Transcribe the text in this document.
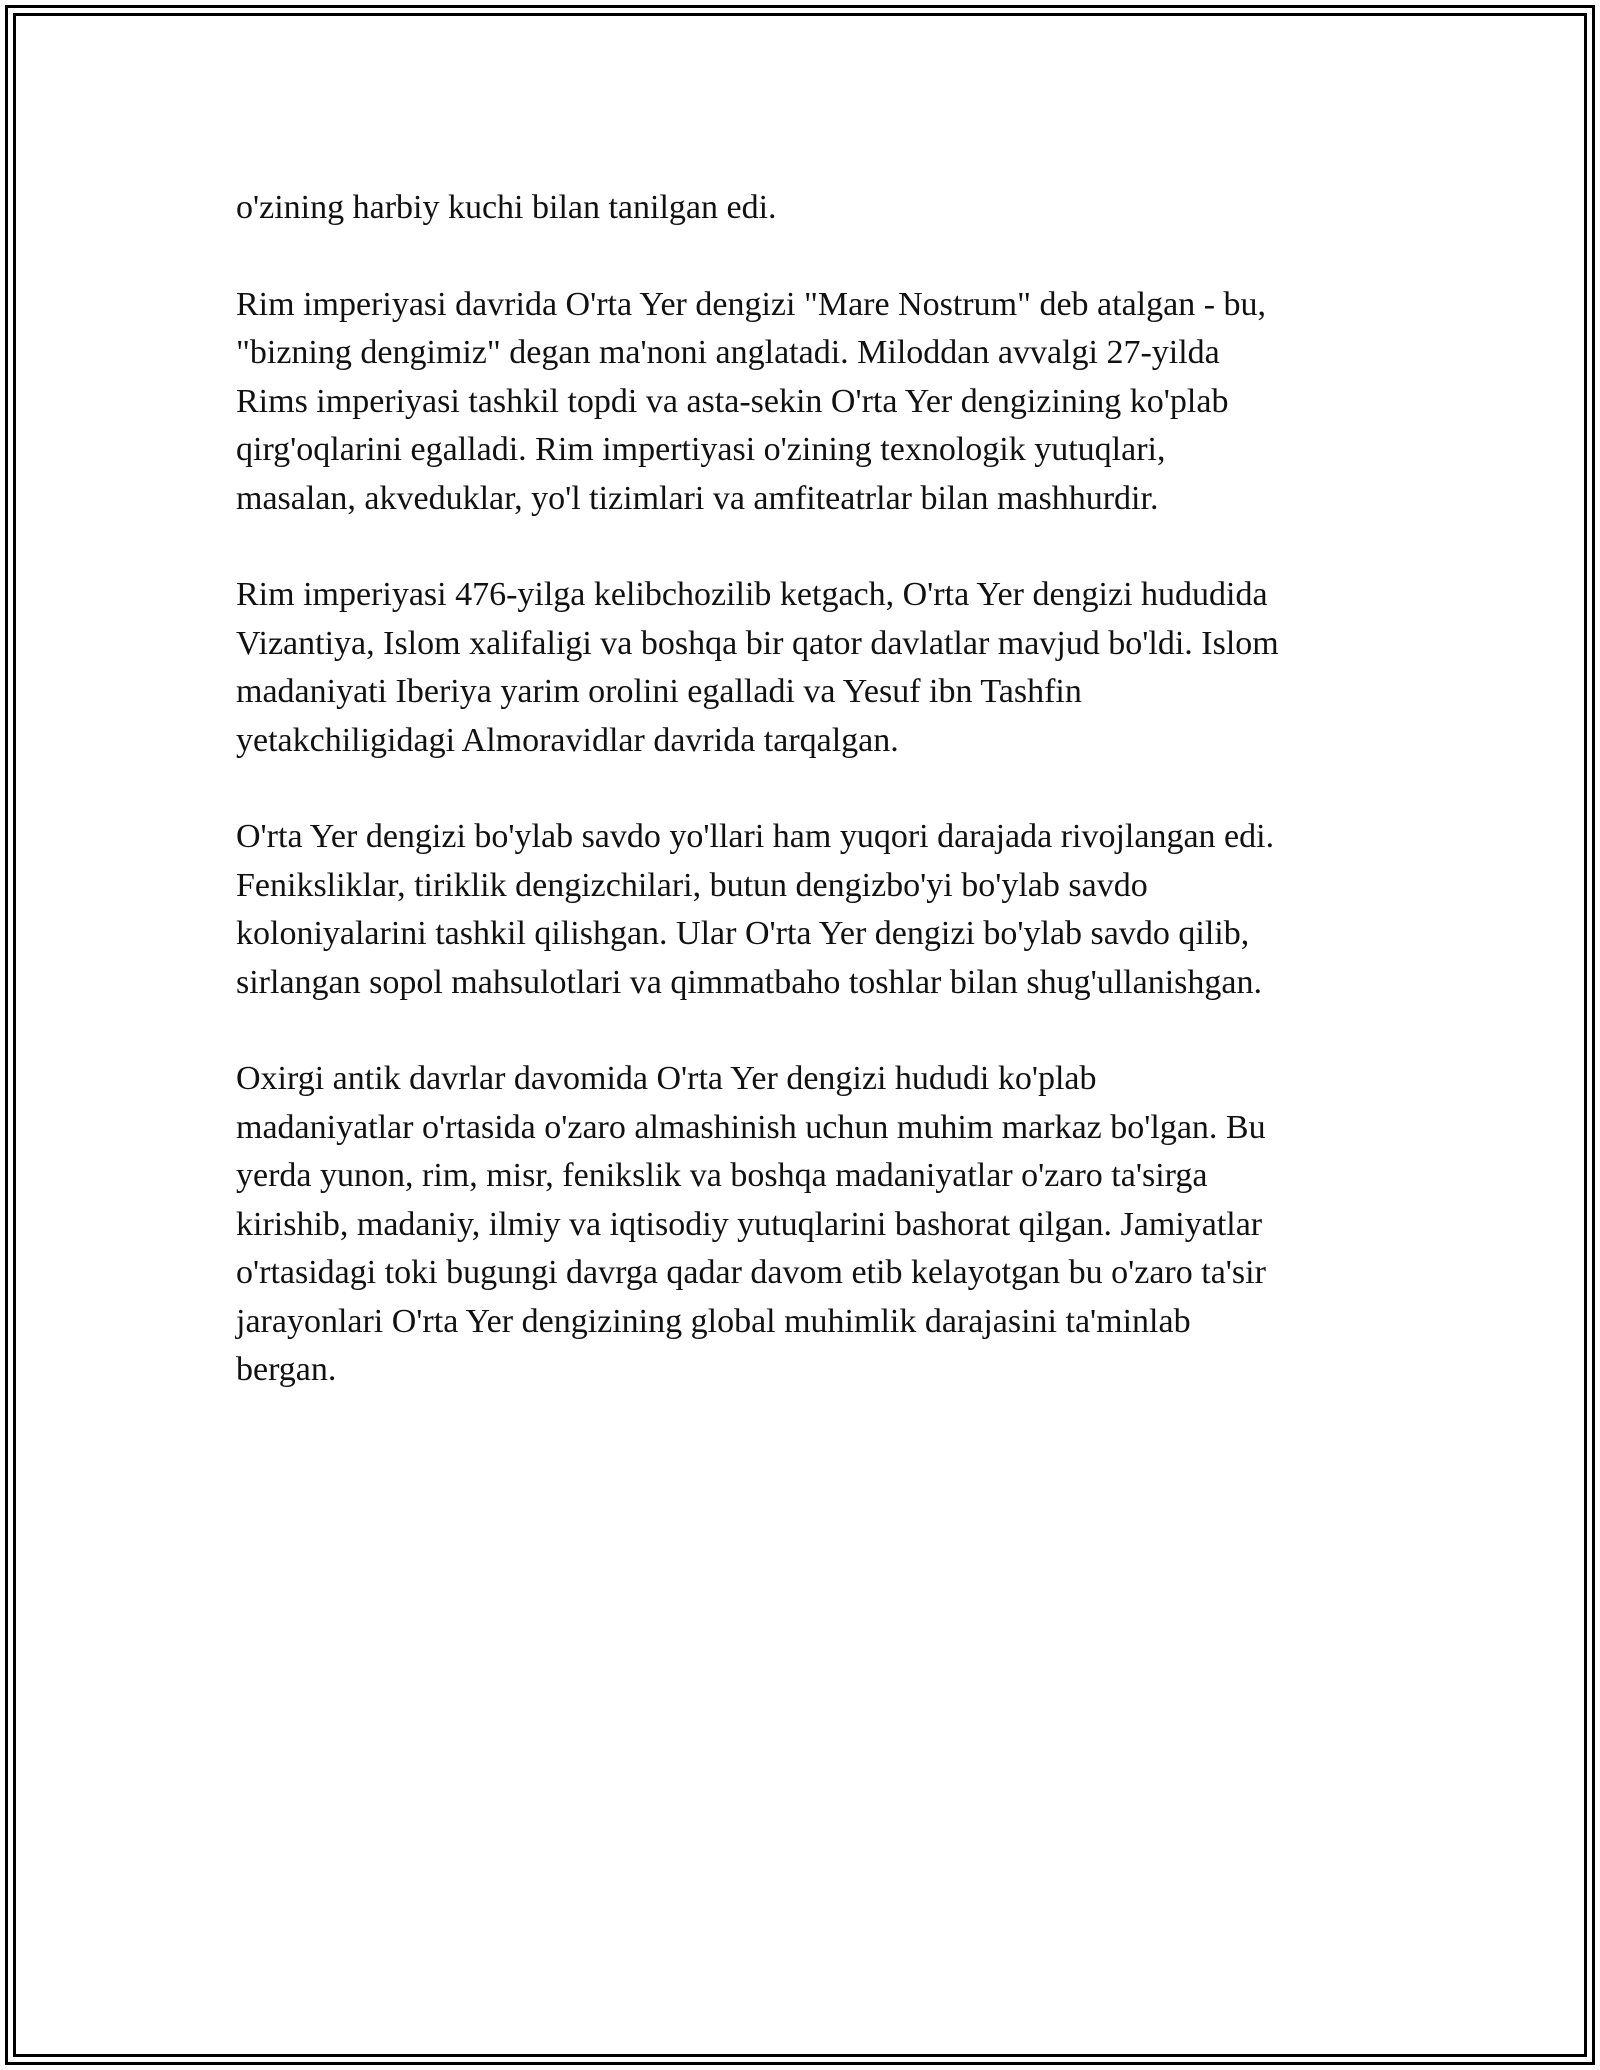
o'zining harbiy kuchi bilan tanilgan edi.

Rim imperiyasi davrida O'rta Yer dengizi "Mare Nostrum" deb atalgan - bu,
"bizning dengimiz" degan ma'noni anglatadi. Miloddan avvalgi 27-yilda
Rims imperiyasi tashkil topdi va asta-sekin O'rta Yer dengizining ko'plab
qirg'oqlarini egalladi. Rim impertiyasi o'zining texnologik yutuqlari,
masalan, akveduklar, yo'l tizimlari va amfiteatrlar bilan mashhurdir.

Rim imperiyasi 476-yilga kelibchozilib ketgach, O'rta Yer dengizi hududida
Vizantiya, Islom xalifaligi va boshqa bir qator davlatlar mavjud bo'ldi. Islom
madaniyati Iberiya yarim orolini egalladi va Yesuf ibn Tashfin
yetakchiligidagi Almoravidlar davrida tarqalgan.

O'rta Yer dengizi bo'ylab savdo yo'llari ham yuqori darajada rivojlangan edi.
Feniksliklar, tiriklik dengizchilari, butun dengizbo'yi bo'ylab savdo
koloniyalarini tashkil qilishgan. Ular O'rta Yer dengizi bo'ylab savdo qilib,
sirlangan sopol mahsulotlari va qimmatbaho toshlar bilan shug'ullanishgan.

Oxirgi antik davrlar davomida O'rta Yer dengizi hududi ko'plab
madaniyatlar o'rtasida o'zaro almashinish uchun muhim markaz bo'lgan. Bu
yerda yunon, rim, misr, fenikslik va boshqa madaniyatlar o'zaro ta'sirga
kirishib, madaniy, ilmiy va iqtisodiy yutuqlarini bashorat qilgan. Jamiyatlar
o'rtasidagi toki bugungi davrga qadar davom etib kelayotgan bu o'zaro ta'sir
jarayonlari O'rta Yer dengizining global muhimlik darajasini ta'minlab
bergan.
